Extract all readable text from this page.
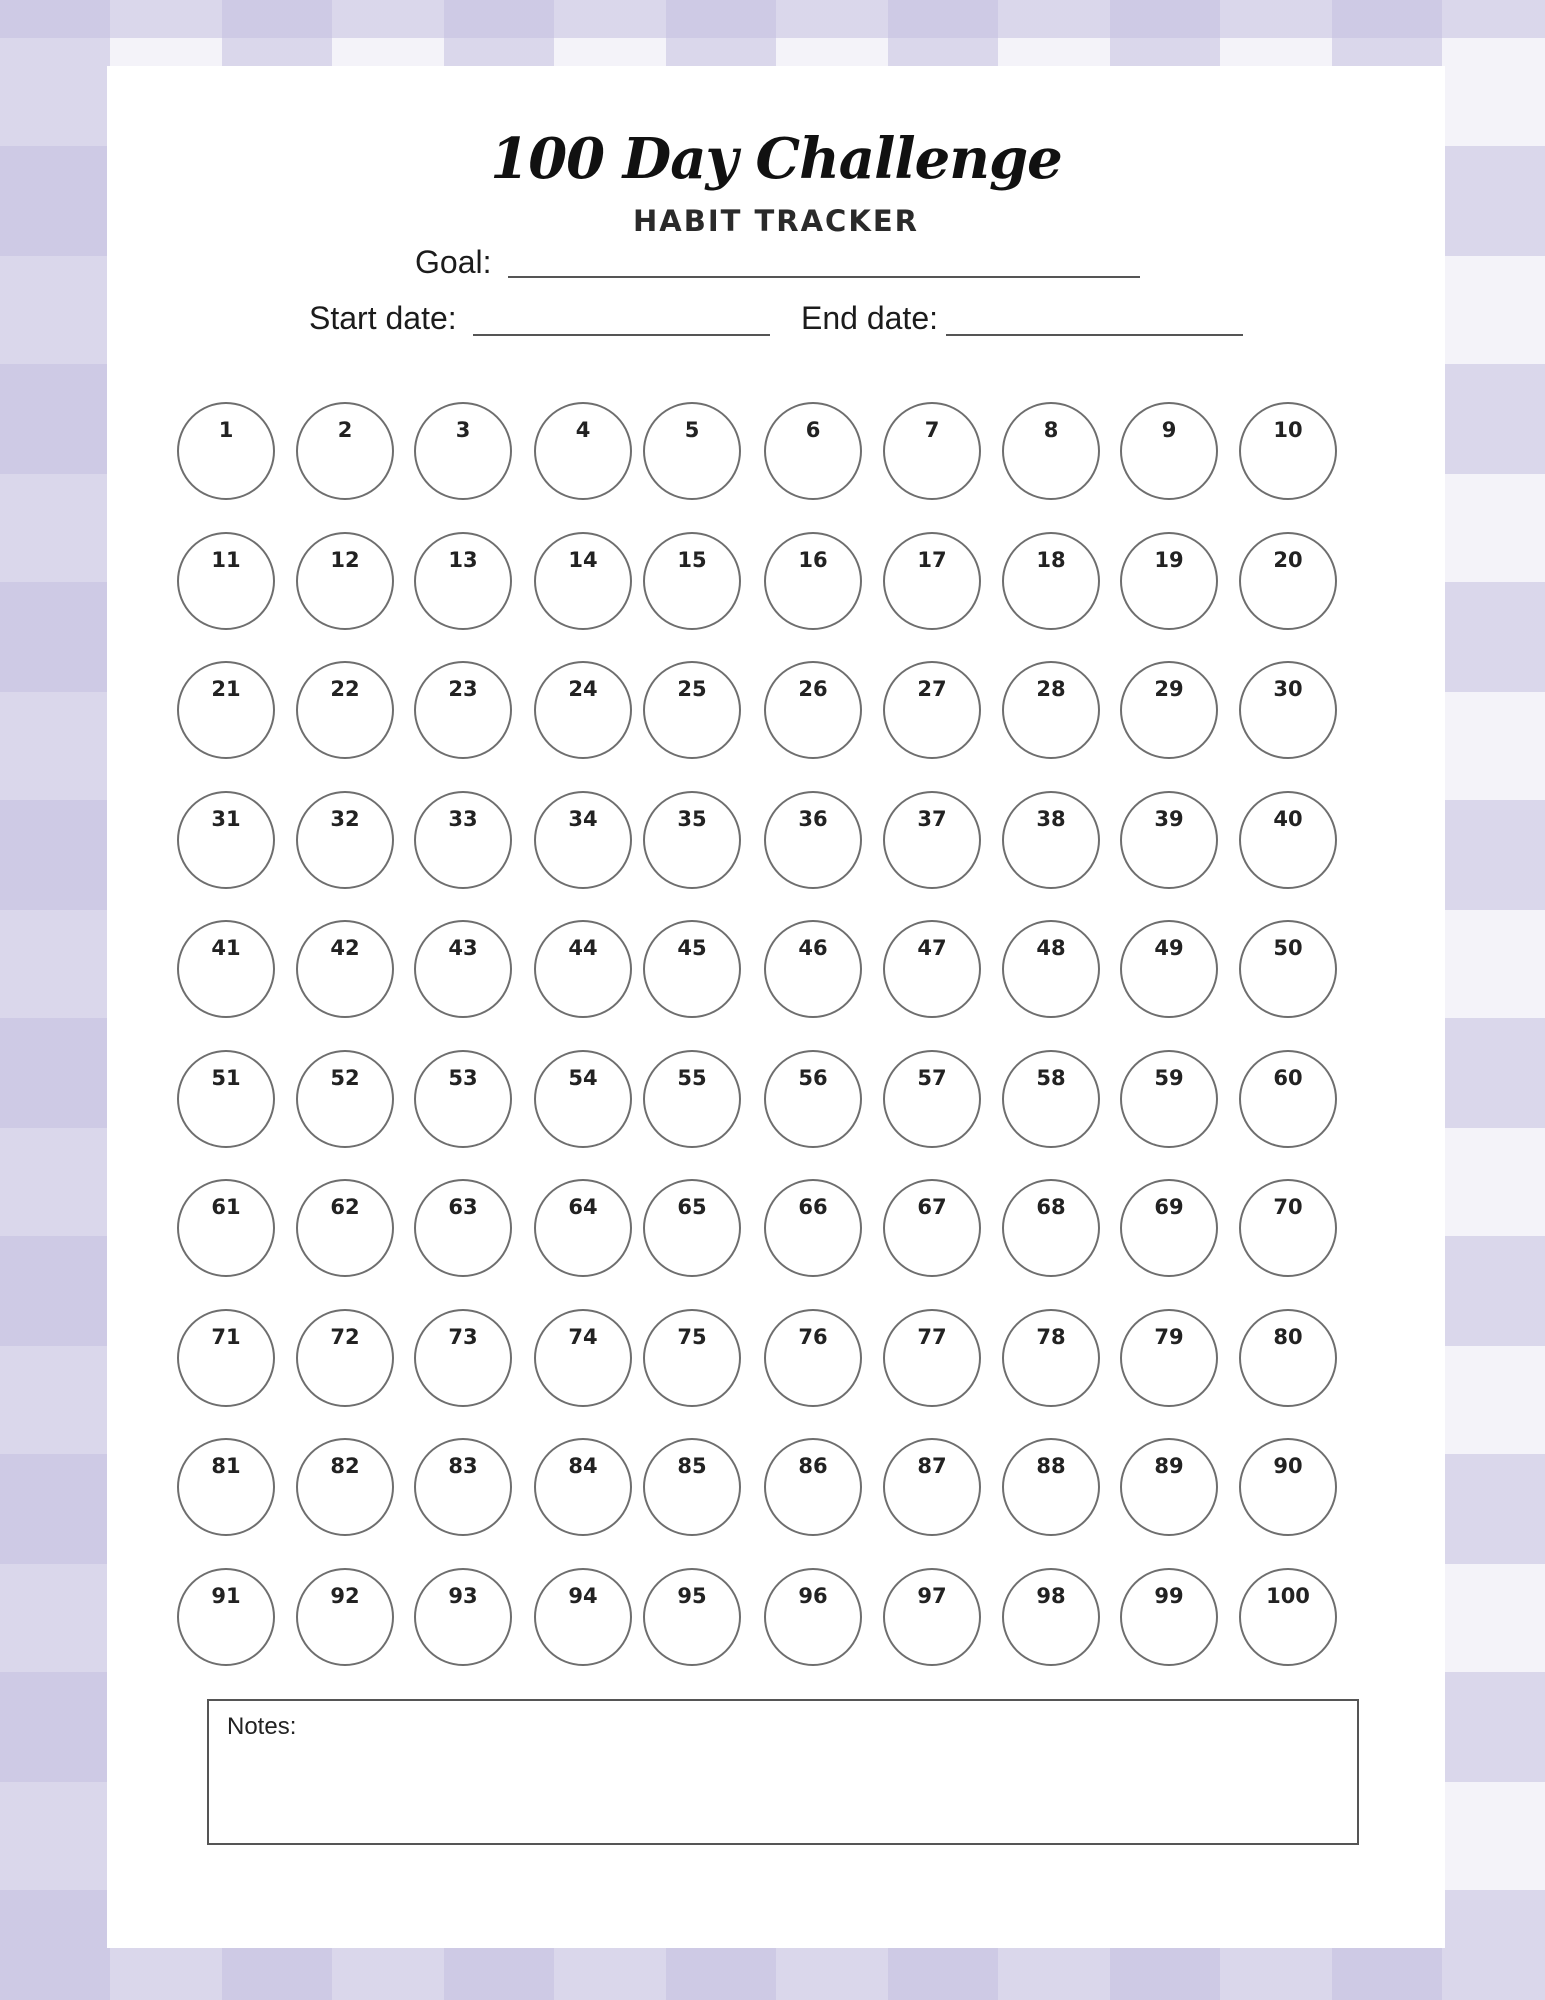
100 Day Challenge
HABIT TRACKER
Goal:
Start date:	End date:
1	2	3	4	5	6	7	8	9	10
11	12	13	14	15	16	17	18	19	20
21	22	23	24	25	26	27	28	29	30
31	32	33	34	35	36	37	38	39	40
41	42	43	44	45	46	47	48	49	50
51	52	53	54	55	56	57	58	59	60
61	62	63	64	65	66	67	68	69	70
71	72	73	74	75	76	77	78	79	80
81	82	83	84	85	86	87	88	89	90
91	92	93	94	95	96	97	98	99	100
Notes:
